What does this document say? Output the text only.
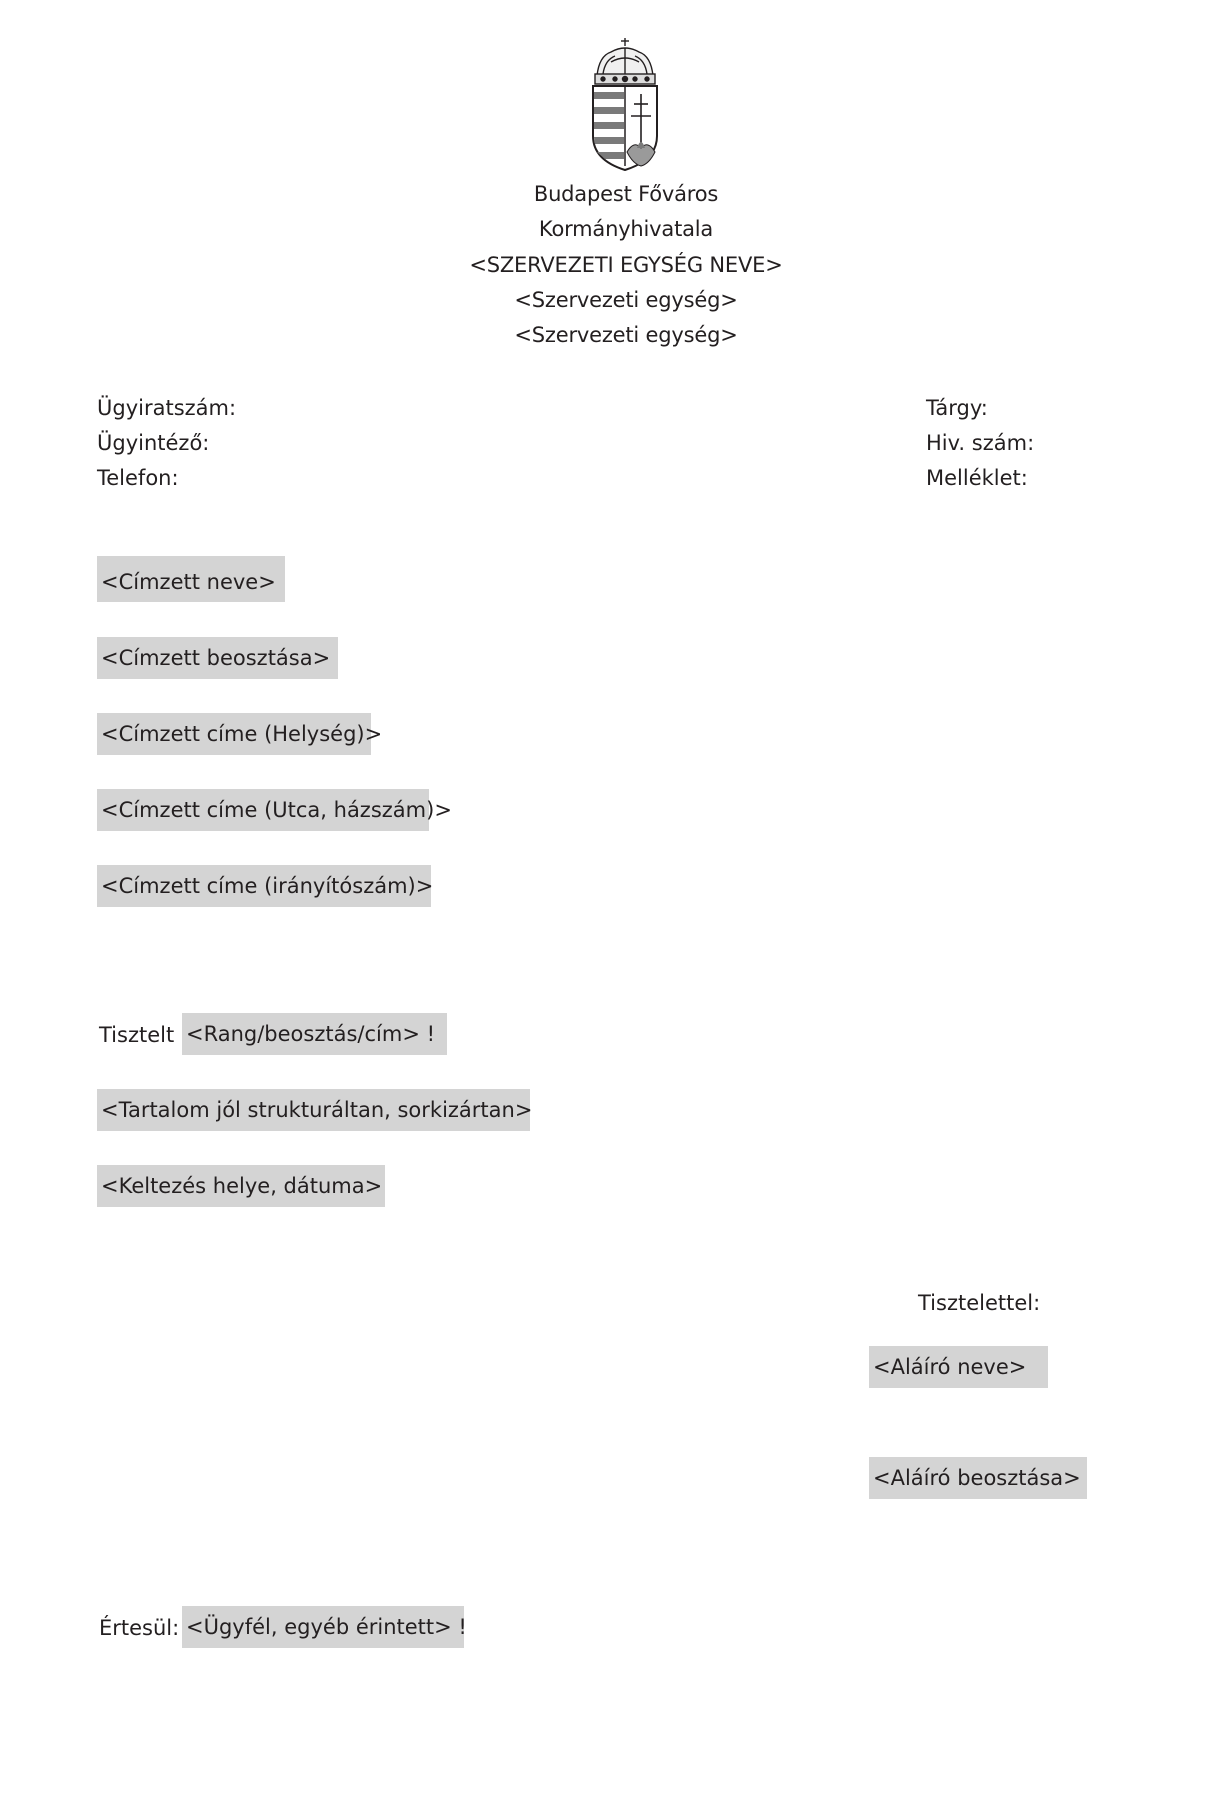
Budapest Főváros
Kormányhivatala
<SZERVEZETI EGYSÉG NEVE>
<Szervezeti egység>
<Szervezeti egység>
Ügyiratszám:
Ügyintéző:
Telefon:
Tárgy:
Hiv. szám:
Melléklet:
<Címzett neve>
<Címzett beosztása>
<Címzett címe (Helység)>
<Címzett címe (Utca, házszám)>
<Címzett címe (irányítószám)>
Tisztelt <Rang/beosztás/cím> !
<Tartalom jól strukturáltan, sorkizártan>
<Keltezés helye, dátuma>
Tisztelettel:
<Aláíró neve>
<Aláíró beosztása>
Értesül: <Ügyfél, egyéb érintett> !
